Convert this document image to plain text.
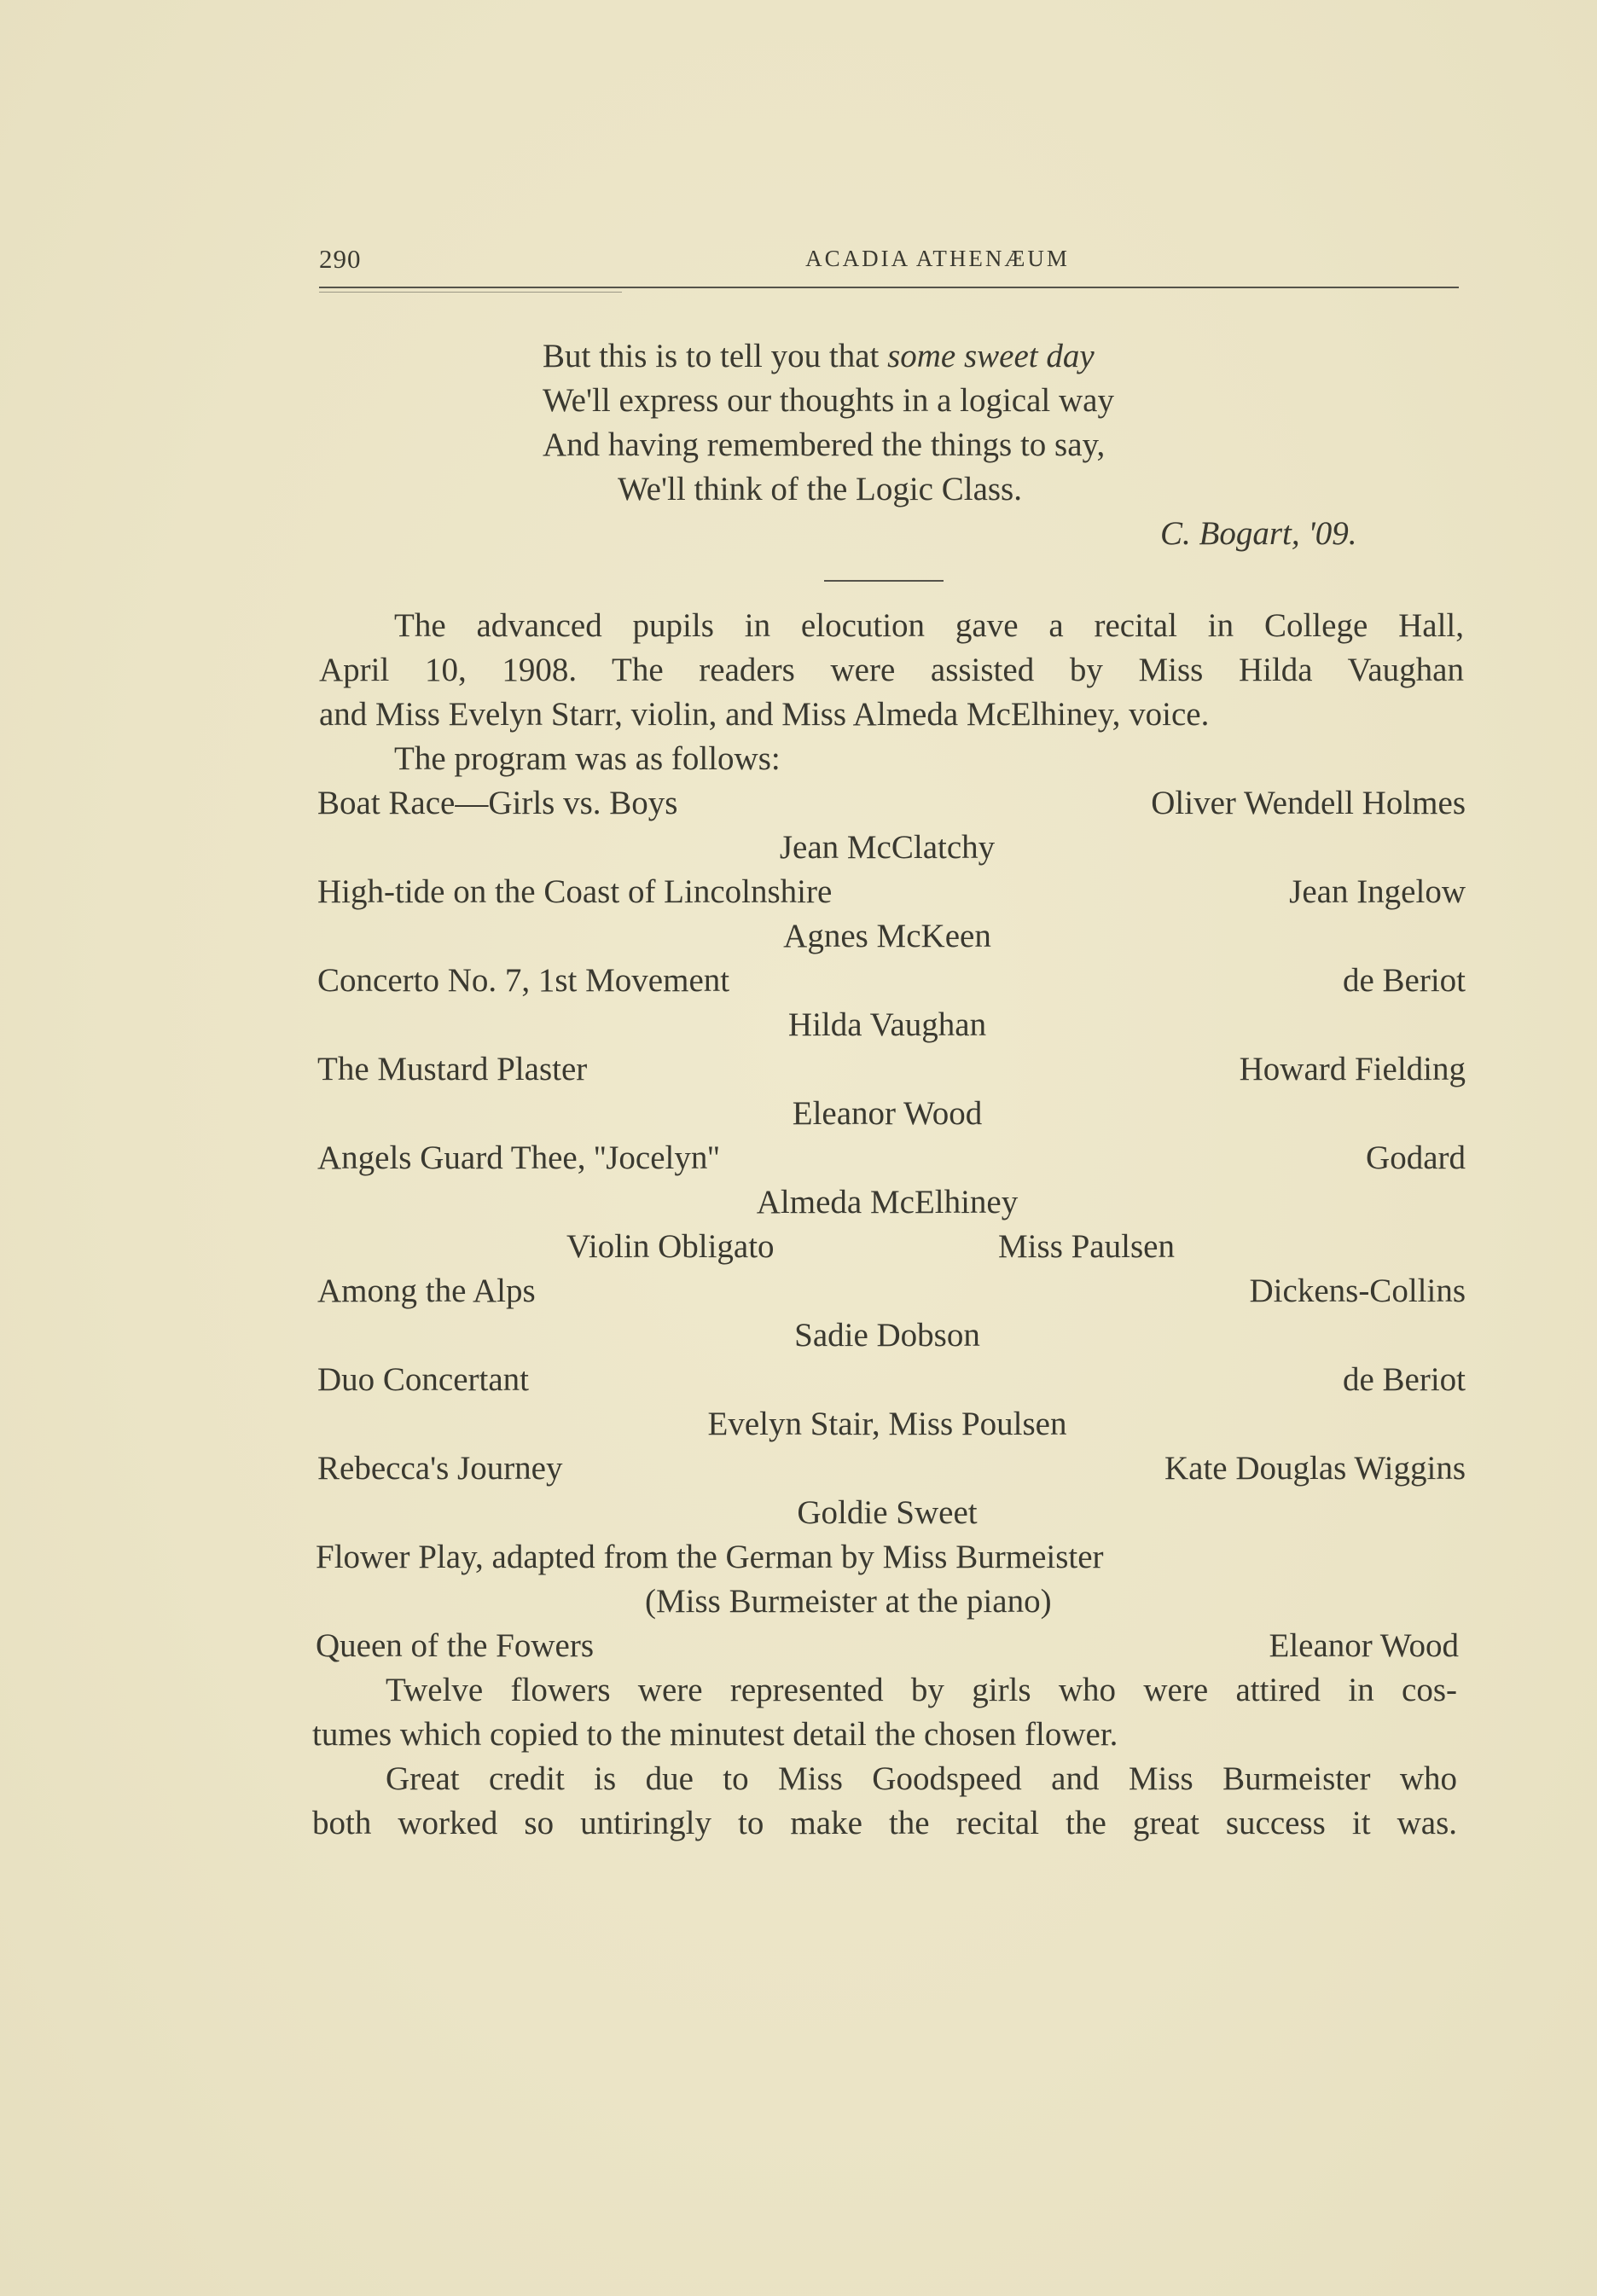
290	ACADIA ATHENÆUM
But this is to tell you that some sweet day
We'll express our thoughts in a logical way
And having remembered the things to say,
We'll think of the Logic Class.
C. Bogart, '09.
The advanced pupils in elocution gave a recital in College Hall,
April 10, 1908. The readers were assisted by Miss Hilda Vaughan
and Miss Evelyn Starr, violin, and Miss Almeda McElhiney, voice.
The program was as follows:
Boat Race—Girls vs. Boys	Oliver Wendell Holmes
Jean McClatchy
High-tide on the Coast of Lincolnshire	Jean Ingelow
Agnes McKeen
Concerto No. 7, 1st Movement	de Beriot
Hilda Vaughan
The Mustard Plaster	Howard Fielding
Eleanor Wood
Angels Guard Thee, ''Jocelyn''	Godard
Almeda McElhiney
Violin Obligato	Miss Paulsen
Among the Alps	Dickens-Collins
Sadie Dobson
Duo Concertant	de Beriot
Evelyn Stair, Miss Poulsen
Rebecca's Journey	Kate Douglas Wiggins
Goldie Sweet
Flower Play, adapted from the German by Miss Burmeister
(Miss Burmeister at the piano)
Queen of the Fowers	Eleanor Wood
Twelve flowers were represented by girls who were attired in cos-
tumes which copied to the minutest detail the chosen flower.
Great credit is due to Miss Goodspeed and Miss Burmeister who
both worked so untiringly to make the recital the great success it was.
